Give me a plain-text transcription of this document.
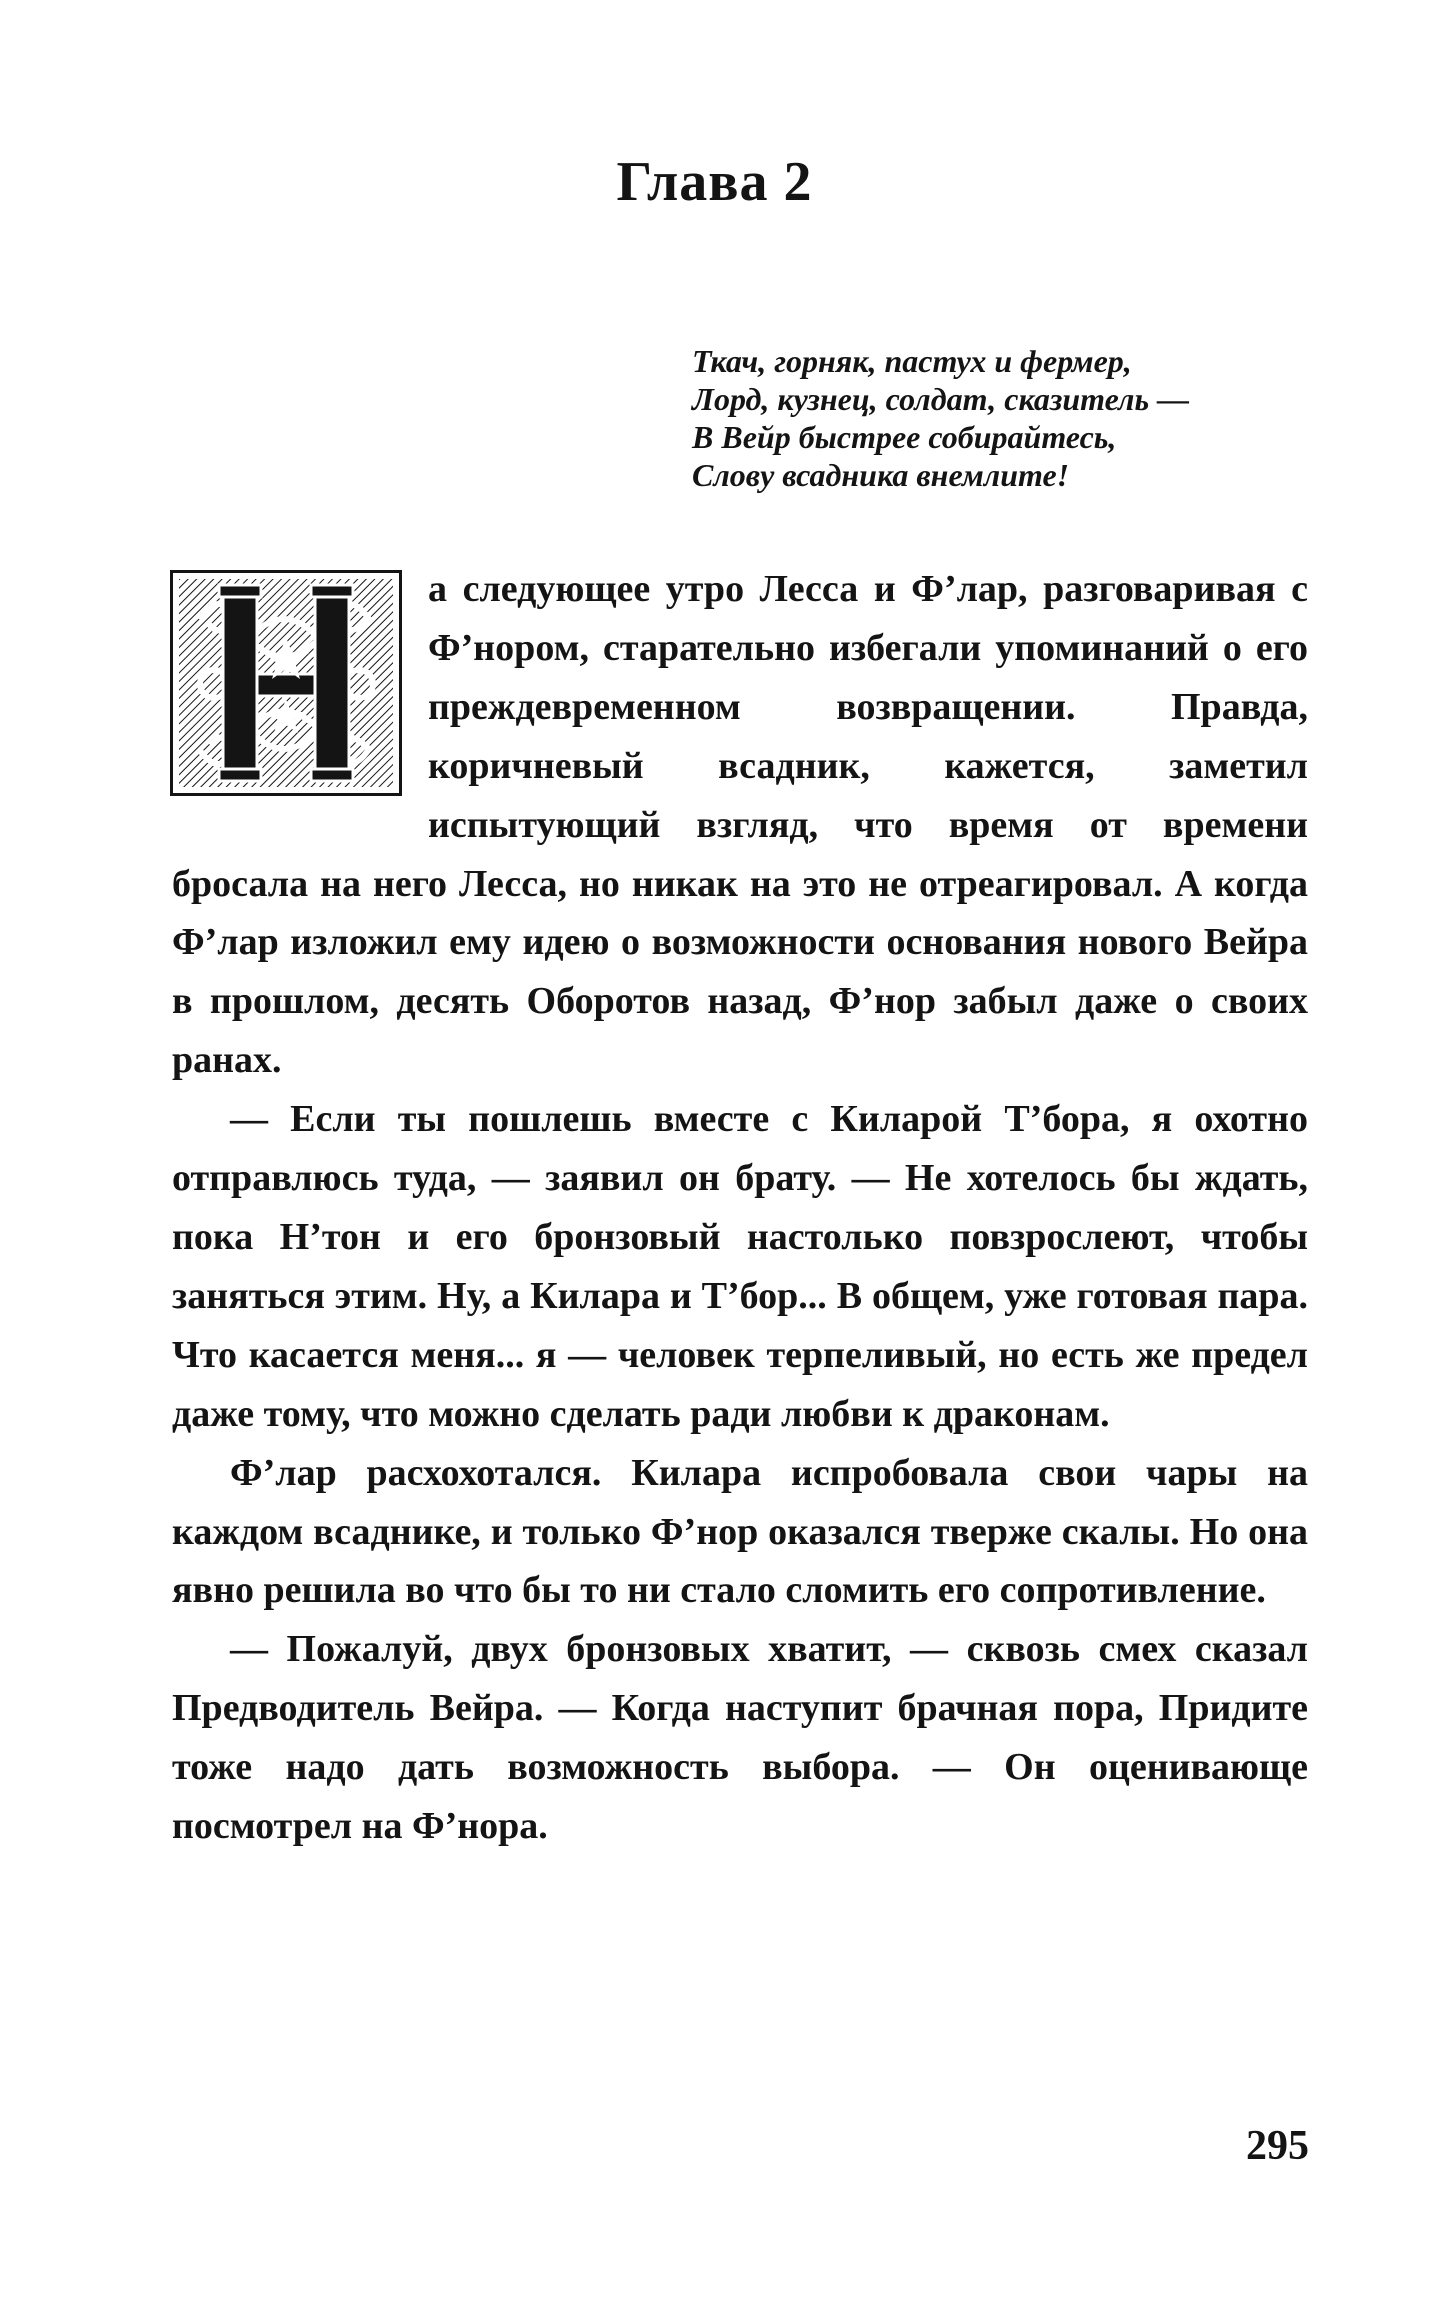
Глава 2
Ткач, горняк, пастух и фермер,
Лорд, кузнец, солдат, сказитель —
В Вейр быстрее собирайтесь,
Слову всадника внемлите!

а следующее утро Лесса и Ф’лар, разговаривая с Ф’нором, старательно избегали упоминаний о его преждевременном возвращении. Правда, коричневый всадник, кажется, заметил испытующий взгляд, что время от времени бросала на него Лесса, но никак на это не отреагировал. А когда Ф’лар изложил ему идею о возможности основания нового Вейра в прошлом, десять Оборотов назад, Ф’нор забыл даже о своих ранах.

— Если ты пошлешь вместе с Киларой Т’бора, я охотно отправлюсь туда, — заявил он брату. — Не хотелось бы ждать, пока Н’тон и его бронзовый настолько повзрослеют, чтобы заняться этим. Ну, а Килара и Т’бор... В общем, уже готовая пара. Что касается меня... я — человек терпеливый, но есть же предел даже тому, что можно сделать ради любви к драконам.

Ф’лар расхохотался. Килара испробовала свои чары на каждом всаднике, и только Ф’нор оказался тверже скалы. Но она явно решила во что бы то ни стало сломить его сопротивление.

— Пожалуй, двух бронзовых хватит, — сквозь смех сказал Предводитель Вейра. — Когда наступит брачная пора, Придите тоже надо дать возможность выбора. — Он оценивающе посмотрел на Ф’нора.

295
